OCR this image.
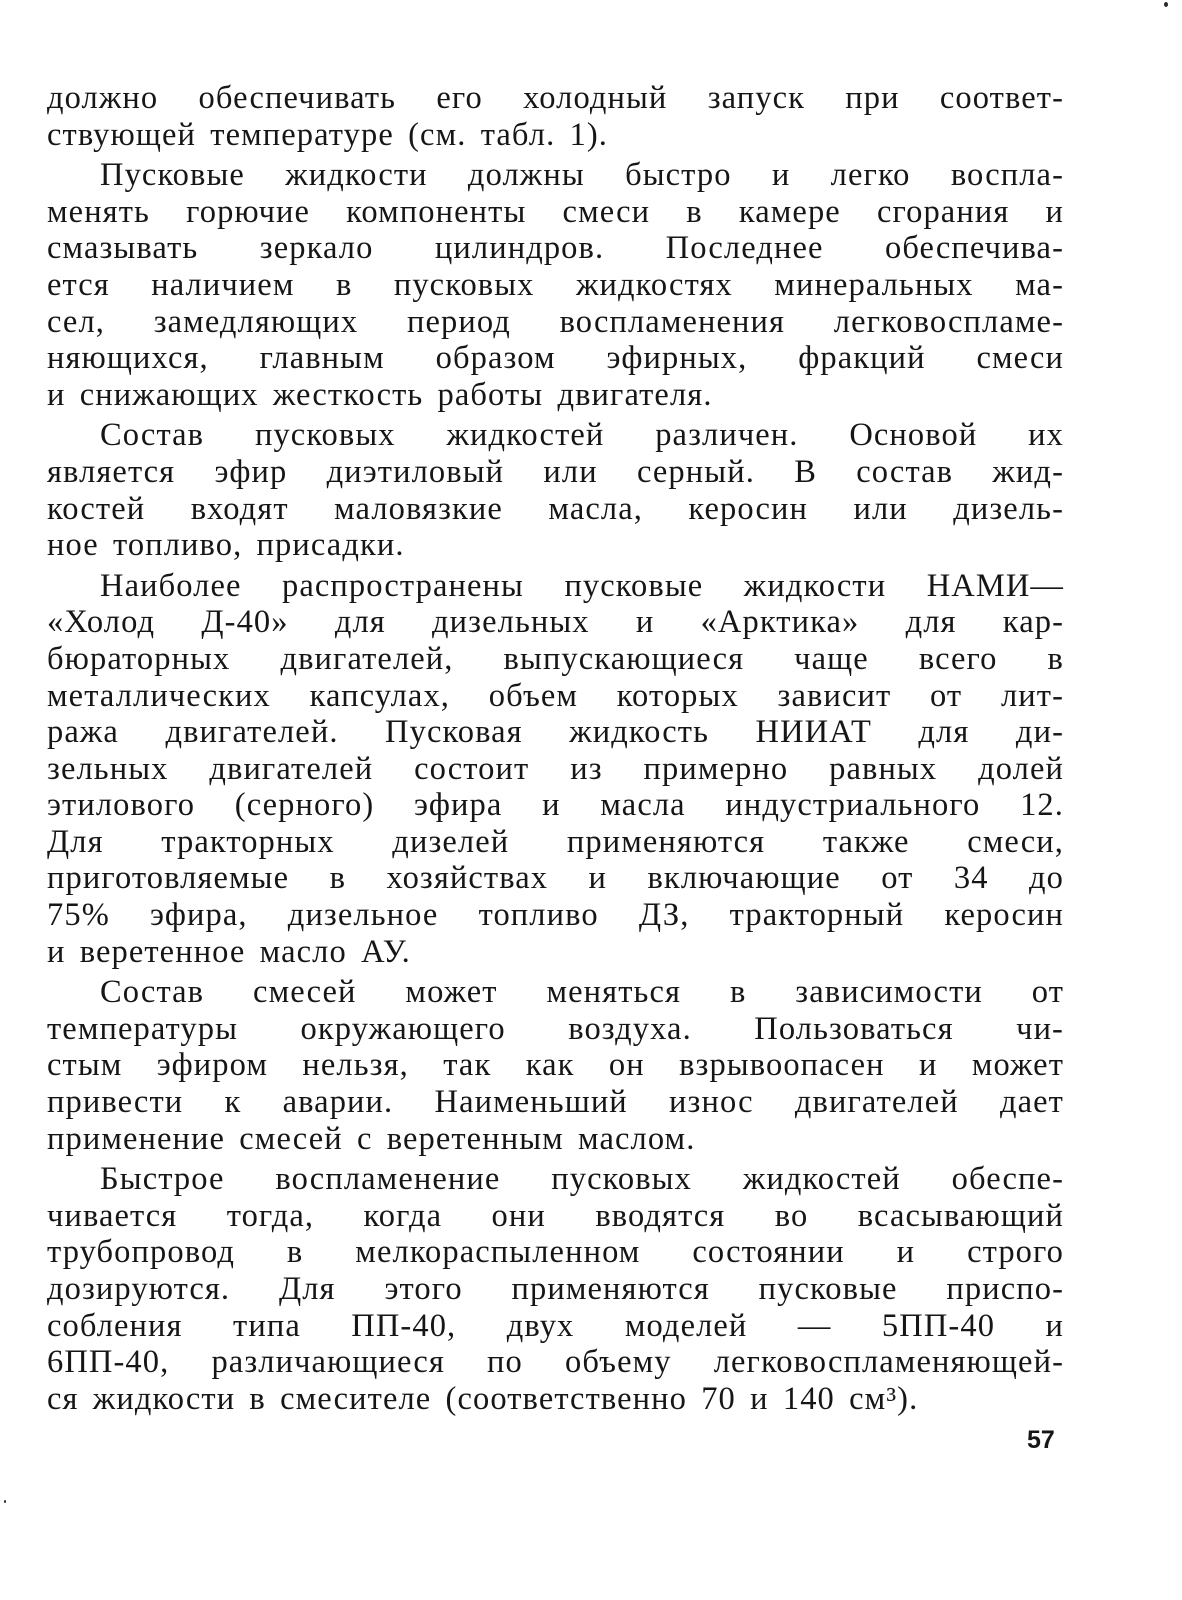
должно обеспечивать его холодный запуск при соответ-
ствующей температуре (см. табл. 1).
Пусковые жидкости должны быстро и легко воспла-
менять горючие компоненты смеси в камере сгорания и
смазывать зеркало цилиндров. Последнее обеспечива-
ется наличием в пусковых жидкостях минеральных ма-
сел, замедляющих период воспламенения легковоспламе-
няющихся, главным образом эфирных, фракций смеси
и снижающих жесткость работы двигателя.
Состав пусковых жидкостей различен. Основой их
является эфир диэтиловый или серный. В состав жид-
костей входят маловязкие масла, керосин или дизель-
ное топливо, присадки.
Наиболее распространены пусковые жидкости НАМИ—
«Холод Д-40» для дизельных и «Арктика» для кар-
бюраторных двигателей, выпускающиеся чаще всего в
металлических капсулах, объем которых зависит от лит-
ража двигателей. Пусковая жидкость НИИАТ для ди-
зельных двигателей состоит из примерно равных долей
этилового (серного) эфира и масла индустриального 12.
Для тракторных дизелей применяются также смеси,
приготовляемые в хозяйствах и включающие от 34 до
75% эфира, дизельное топливо ДЗ, тракторный керосин
и веретенное масло АУ.
Состав смесей может меняться в зависимости от
температуры окружающего воздуха. Пользоваться чи-
стым эфиром нельзя, так как он взрывоопасен и может
привести к аварии. Наименьший износ двигателей дает
применение смесей с веретенным маслом.
Быстрое воспламенение пусковых жидкостей обеспе-
чивается тогда, когда они вводятся во всасывающий
трубопровод в мелкораспыленном состоянии и строго
дозируются. Для этого применяются пусковые приспо-
собления типа ПП-40, двух моделей — 5ПП-40 и
6ПП-40, различающиеся по объему легковоспламеняющей-
ся жидкости в смесителе (соответственно 70 и 140 см³).
57
